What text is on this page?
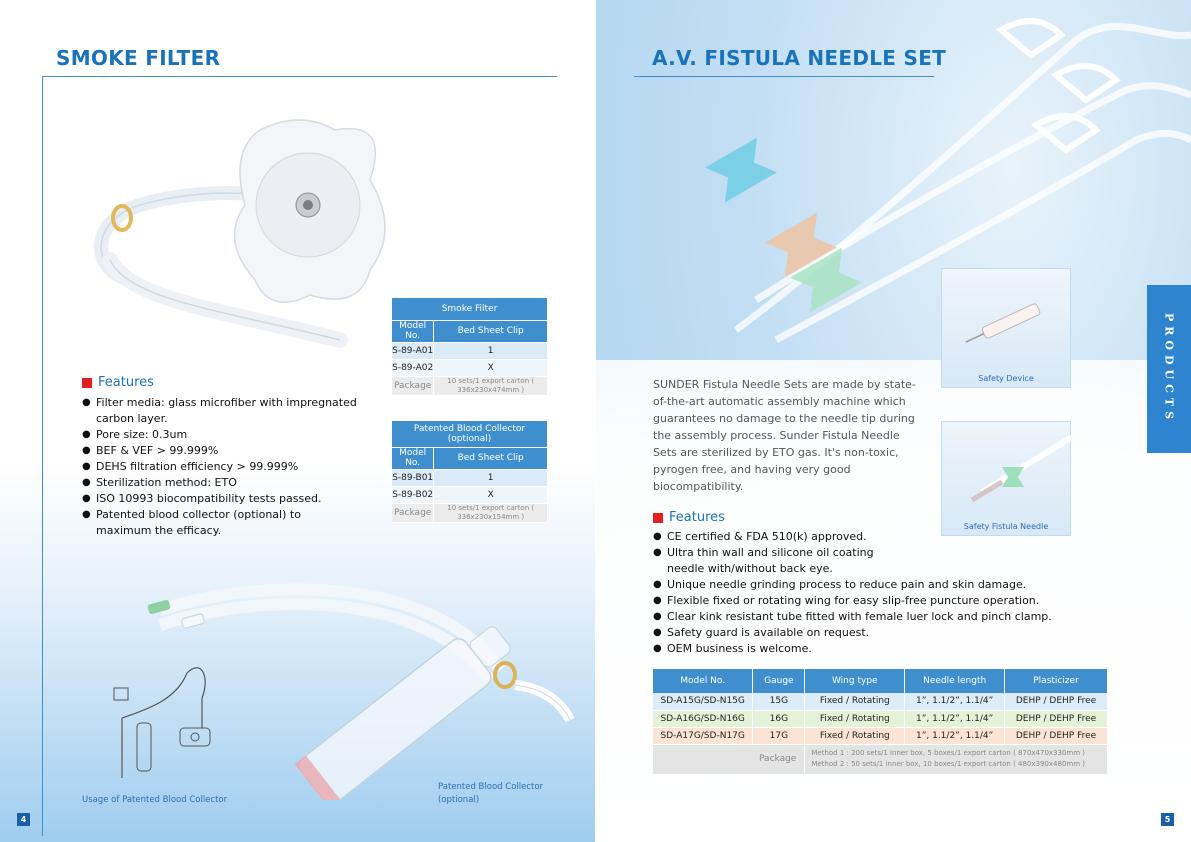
SMOKE FILTER
Features
● Filter media: glass microfiber with impregnated carbon layer.
● Pore size: 0.3um
● BEF & VEF > 99.999%
● DEHS filtration efficiency > 99.999%
● Sterilization method: ETO
● ISO 10993 biocompatibility tests passed.
● Patented blood collector (optional) to maximum the efficacy.
Smoke Filter	
Model No.	Bed Sheet Clip
S-89-A01	1
S-89-A02	X
Package	10 sets/1 export carton ( 336x230x474mm )
Patented Blood Collector (optional)	
Model No.	Bed Sheet Clip
S-89-B01	1
S-89-B02	X
Package	10 sets/1 export carton ( 336x230x154mm )
Usage of Patented Blood Collector
Patented Blood Collector (optional)
4
A.V. FISTULA NEEDLE SET
Safety Device
Safety Fistula Needle
SUNDER Fistula Needle Sets are made by state-of-the-art automatic assembly machine which guarantees no damage to the needle tip during the assembly process. Sunder Fistula Needle Sets are sterilized by ETO gas. It's non-toxic, pyrogen free, and having very good biocompatibility.
Features
● CE certified & FDA 510(k) approved.
● Ultra thin wall and silicone oil coating needle with/without back eye.
● Unique needle grinding process to reduce pain and skin damage.
● Flexible fixed or rotating wing for easy slip-free puncture operation.
● Clear kink resistant tube fitted with female luer lock and pinch clamp.
● Safety guard is available on request.
● OEM business is welcome.
Model No.	Gauge	Wing type	Needle length	Plasticizer
SD-A15G/SD-N15G	15G	Fixed / Rotating	1”, 1.1/2”, 1.1/4”	DEHP / DEHP Free
SD-A16G/SD-N16G	16G	Fixed / Rotating	1”, 1.1/2”, 1.1/4”	DEHP / DEHP Free
SD-A17G/SD-N17G	17G	Fixed / Rotating	1”, 1.1/2”, 1.1/4”	DEHP / DEHP Free
Package		Method 1 : 200 sets/1 inner box, 5 boxes/1 export carton ( 870x470x330mm )
Method 2 : 50 sets/1 inner box, 10 boxes/1 export carton ( 480x390x480mm )		
PRODUCTS
5
